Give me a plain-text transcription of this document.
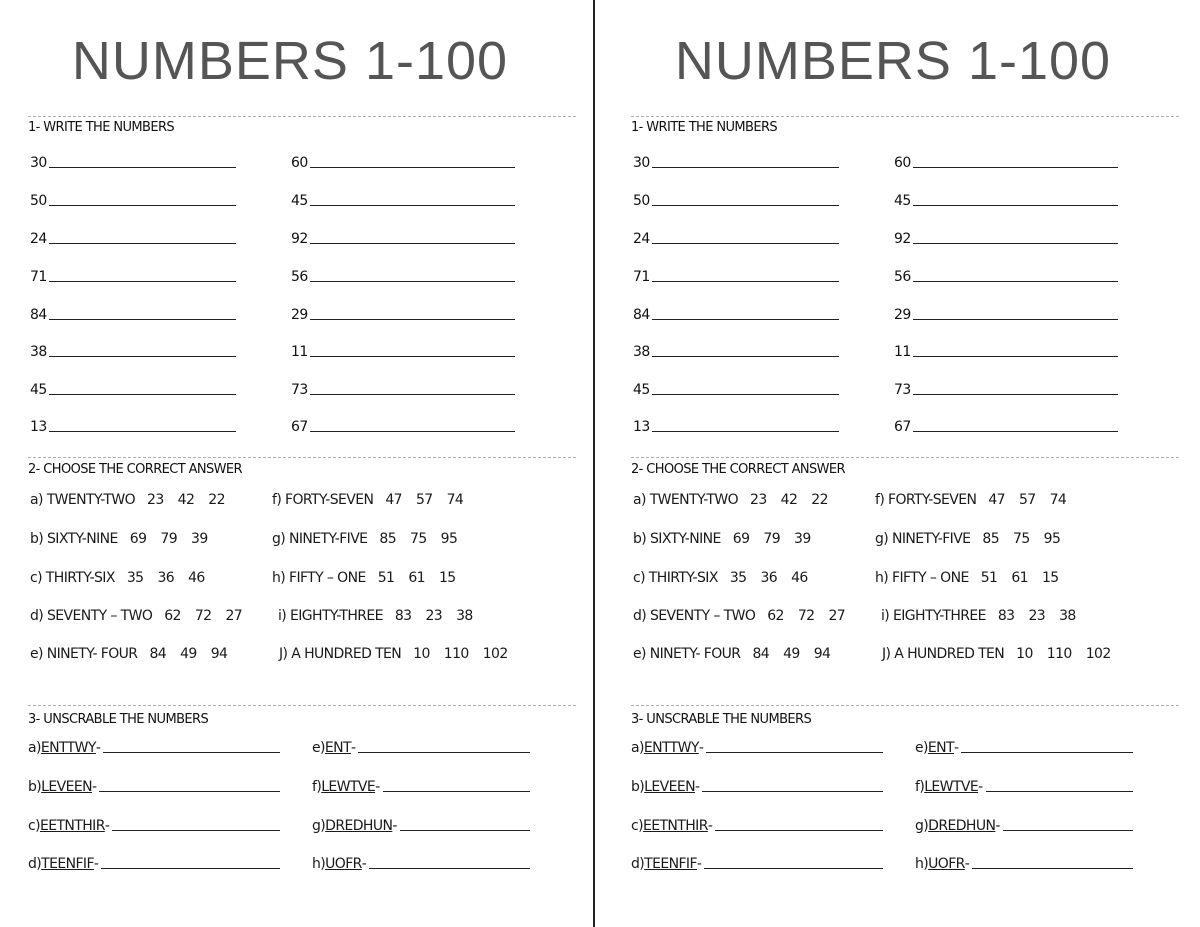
NUMBERS 1-100
1- WRITE THE NUMBERS
2- CHOOSE THE CORRECT ANSWER
3- UNSCRABLE THE NUMBERS
30
50
24
71
84
38
45
13
60
45
92
56
29
11
73
67
a) TWENTY-TWO 23 42 22
b) SIXTY-NINE 69 79 39
c) THIRTY-SIX 35 36 46
d) SEVENTY – TWO 62 72 27
e) NINETY- FOUR 84 49 94
f) FORTY-SEVEN 47 57 74
g) NINETY-FIVE 85 75 95
h) FIFTY – ONE 51 61 15
i) EIGHTY-THREE 83 23 38
J) A HUNDRED TEN 10 110 102
a) ENTTWY -
b) LEVEEN -
c) EETNTHIR -
d) TEENFIF -
e) ENT -
f) LEWTVE -
g) DREDHUN -
h) UOFR -
NUMBERS 1-100
1- WRITE THE NUMBERS
2- CHOOSE THE CORRECT ANSWER
3- UNSCRABLE THE NUMBERS
30
50
24
71
84
38
45
13
60
45
92
56
29
11
73
67
a) TWENTY-TWO 23 42 22
b) SIXTY-NINE 69 79 39
c) THIRTY-SIX 35 36 46
d) SEVENTY – TWO 62 72 27
e) NINETY- FOUR 84 49 94
f) FORTY-SEVEN 47 57 74
g) NINETY-FIVE 85 75 95
h) FIFTY – ONE 51 61 15
i) EIGHTY-THREE 83 23 38
J) A HUNDRED TEN 10 110 102
a) ENTTWY -
b) LEVEEN -
c) EETNTHIR -
d) TEENFIF -
e) ENT -
f) LEWTVE -
g) DREDHUN -
h) UOFR -
